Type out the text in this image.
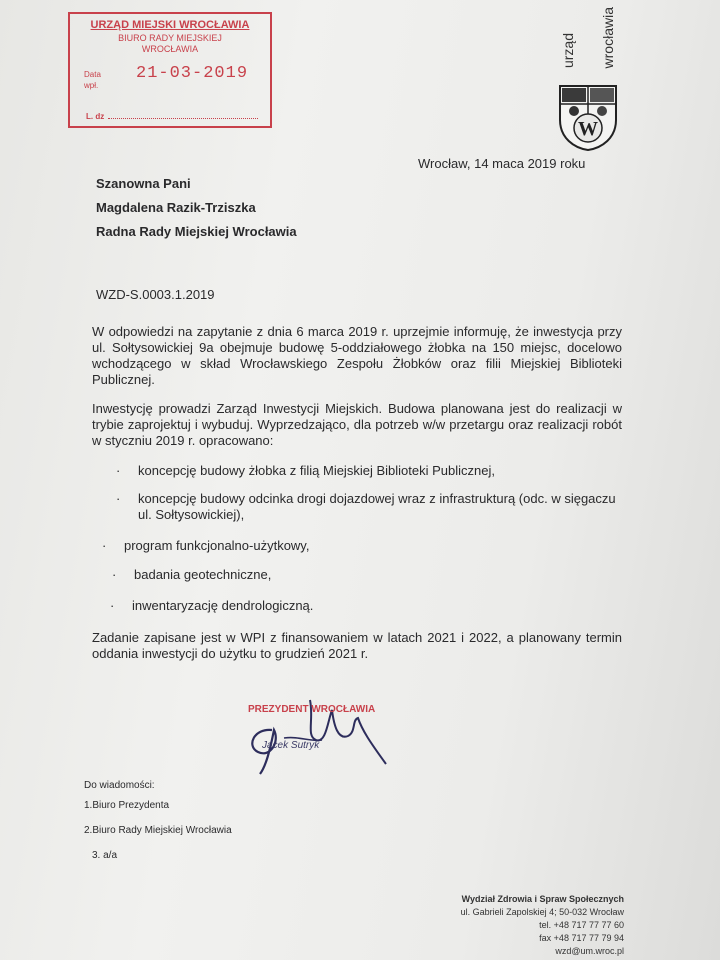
URZĄD MIEJSKI WROCŁAWIA
BIURO RADY MIEJSKIEJ
WROCŁAWIA
Data
wpł.
21-03-2019
L. dz
urząd wrocławia
W
Wrocław, 14 maca 2019 roku
Szanowna Pani
Magdalena Razik-Trziszka
Radna Rady Miejskiej Wrocławia
WZD-S.0003.1.2019

W odpowiedzi na zapytanie z dnia 6 marca 2019 r. uprzejmie informuję, że inwestycja przy ul. Sołtysowickiej 9a obejmuje budowę 5-oddziałowego żłobka na 150 miejsc, docelowo wchodzącego w skład Wrocławskiego Zespołu Żłobków oraz filii Miejskiej Biblioteki Publicznej.

Inwestycję prowadzi Zarząd Inwestycji Miejskich. Budowa planowana jest do realizacji w trybie zaprojektuj i wybuduj. Wyprzedzająco, dla potrzeb w/w przetargu oraz realizacji robót w styczniu 2019 r. opracowano:

· koncepcję budowy żłobka z filią Miejskiej Biblioteki Publicznej,
· koncepcję budowy odcinka drogi dojazdowej wraz z infrastrukturą (odc. w sięgaczu ul. Sołtysowickiej),
· program funkcjonalno-użytkowy,
· badania geotechniczne,
· inwentaryzację dendrologiczną.

Zadanie zapisane jest w WPI z finansowaniem w latach 2021 i 2022, a planowany termin oddania inwestycji do użytku to grudzień 2021 r.

PREZYDENT WROCŁAWIA
Jacek Sutryk
Do wiadomości:
1.Biuro Prezydenta
2.Biuro Rady Miejskiej Wrocławia
3. a/a
Wydział Zdrowia i Spraw Społecznych
ul. Gabrieli Zapolskiej 4; 50-032 Wrocław
tel. +48 717 77 77 60
fax +48 717 77 79 94
wzd@um.wroc.pl
